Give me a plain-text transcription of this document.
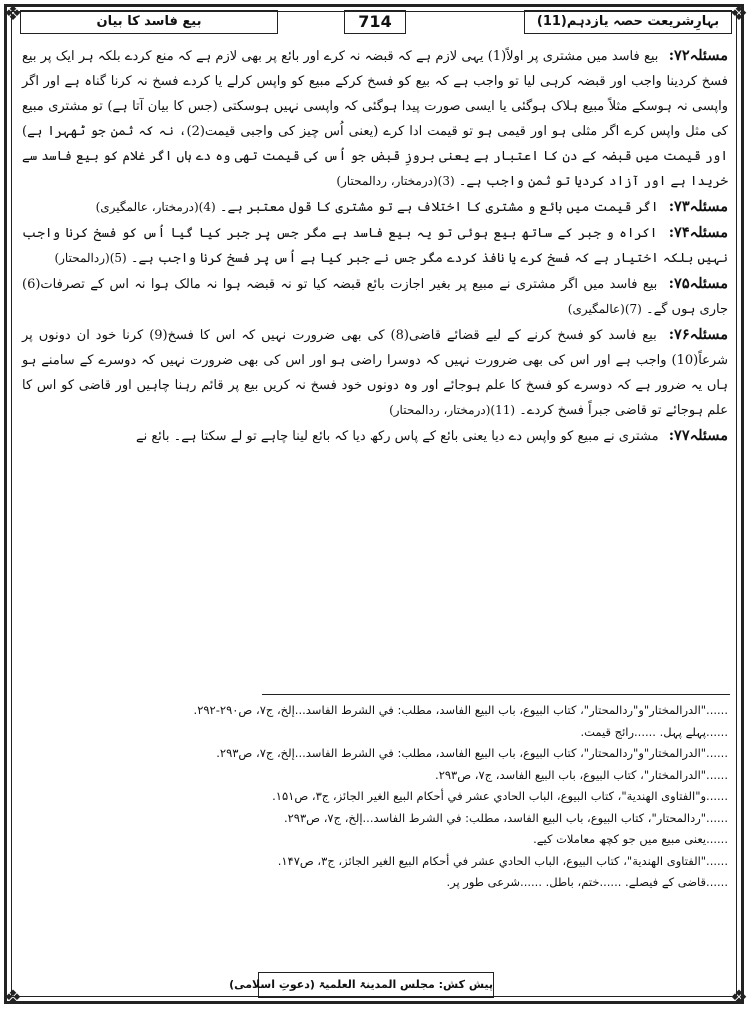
❖	❖
❖	❖
بیع فاسد کا بیان	714	بہارِشریعت حصہ یازدہم(11)

مسئلہ۷۲: بیع فاسد میں مشتری پر اولاً(1) یہی لازم ہے کہ قبضہ نہ کرے اور بائع پر بھی لازم ہے کہ منع کردے بلکہ ہر ایک پر بیع فسخ کردینا واجب اور قبضہ کرہی لیا تو واجب ہے کہ بیع کو فسخ کرکے مبیع کو واپس کرلے یا کردے فسخ نہ کرنا گناہ ہے اور اگر واپسی نہ ہوسکے مثلاً مبیع ہلاک ہوگئی یا ایسی صورت پیدا ہوگئی کہ واپسی نہیں ہوسکتی (جس کا بیان آتا ہے) تو مشتری مبیع کی مثل واپس کرے اگر مثلی ہو اور قیمی ہو تو قیمت ادا کرے (یعنی اُس چیز کی واجبی قیمت(2)، نہ کہ ثمن جو ٹھہرا ہے) اور قیمت میں قبضہ کے دن کا اعتبار ہے یعنی بروزِ قبض جو اُس کی قیمت تھی وہ دے ہاں اگر غلام کو بیع فاسد سے خریدا ہے اور آزاد کردیا تو ثمن واجب ہے۔ (3)(درمختار، ردالمحتار)

مسئلہ۷۳: اگر قیمت میں بائع و مشتری کا اختلاف ہے تو مشتری کا قول معتبر ہے۔ (4)(درمختار، عالمگیری)

مسئلہ۷۴: اکراہ و جبر کے ساتھ بیع ہوئی تو یہ بیع فاسد ہے مگر جس پر جبر کیا گیا اُس کو فسخ کرنا واجب نہیں بلکہ اختیار ہے کہ فسخ کرے یا نافذ کردے مگر جس نے جبر کیا ہے اُس پر فسخ کرنا واجب ہے۔ (5)(ردالمحتار)

مسئلہ۷۵: بیع فاسد میں اگر مشتری نے مبیع پر بغیر اجازت بائع قبضہ کیا تو نہ قبضہ ہوا نہ مالک ہوا نہ اس کے تصرفات(6) جاری ہوں گے۔ (7)(عالمگیری)

مسئلہ۷۶: بیع فاسد کو فسخ کرنے کے لیے قضائے قاضی(8) کی بھی ضرورت نہیں کہ اس کا فسخ(9) کرنا خود ان دونوں پر شرعاً(10) واجب ہے اور اس کی بھی ضرورت نہیں کہ دوسرا راضی ہو اور اس کی بھی ضرورت نہیں کہ دوسرے کے سامنے ہو ہاں یہ ضرور ہے کہ دوسرے کو فسخ کا علم ہوجائے اور وہ دونوں خود فسخ نہ کریں بیع پر قائم رہنا چاہیں اور قاضی کو اس کا علم ہوجائے تو قاضی جبراً فسخ کردے۔ (11)(درمختار، ردالمحتار)

مسئلہ۷۷: مشتری نے مبیع کو واپس دے دیا یعنی بائع کے پاس رکھ دیا کہ بائع لینا چاہے تو لے سکتا ہے۔ بائع نے

......"الدرالمختار"و"ردالمحتار"، كتاب البيوع، باب البيع الفاسد، مطلب: في الشرط الفاسد...إلخ، ج۷، ص۲۹۰-۲۹۲.
......پہلے پہل. ......رائج قیمت.
......"الدرالمختار"و"ردالمحتار"، كتاب البيوع، باب البيع الفاسد، مطلب: في الشرط الفاسد...إلخ، ج۷، ص۲۹۳.
......"الدرالمختار"، كتاب البيوع، باب البيع الفاسد، ج۷، ص۲۹۳.
......و"الفتاوى الهندية"، كتاب البيوع، الباب الحادي عشر في أحكام البيع الغير الجائز، ج۳، ص۱۵۱.
......"ردالمحتار"، كتاب البيوع، باب البيع الفاسد، مطلب: في الشرط الفاسد...إلخ، ج۷، ص۲۹۳.
......یعنی مبیع میں جو کچھ معاملات کیے.
......"الفتاوى الهندية"، كتاب البيوع، الباب الحادي عشر في أحكام البيع الغير الجائز، ج۳، ص۱۴۷.
......قاضی کے فیصلے. ......ختم، باطل. ......شرعی طور پر.
پیش کش: مجلس المدینۃ العلمیۃ (دعوتِ اسلامی)
